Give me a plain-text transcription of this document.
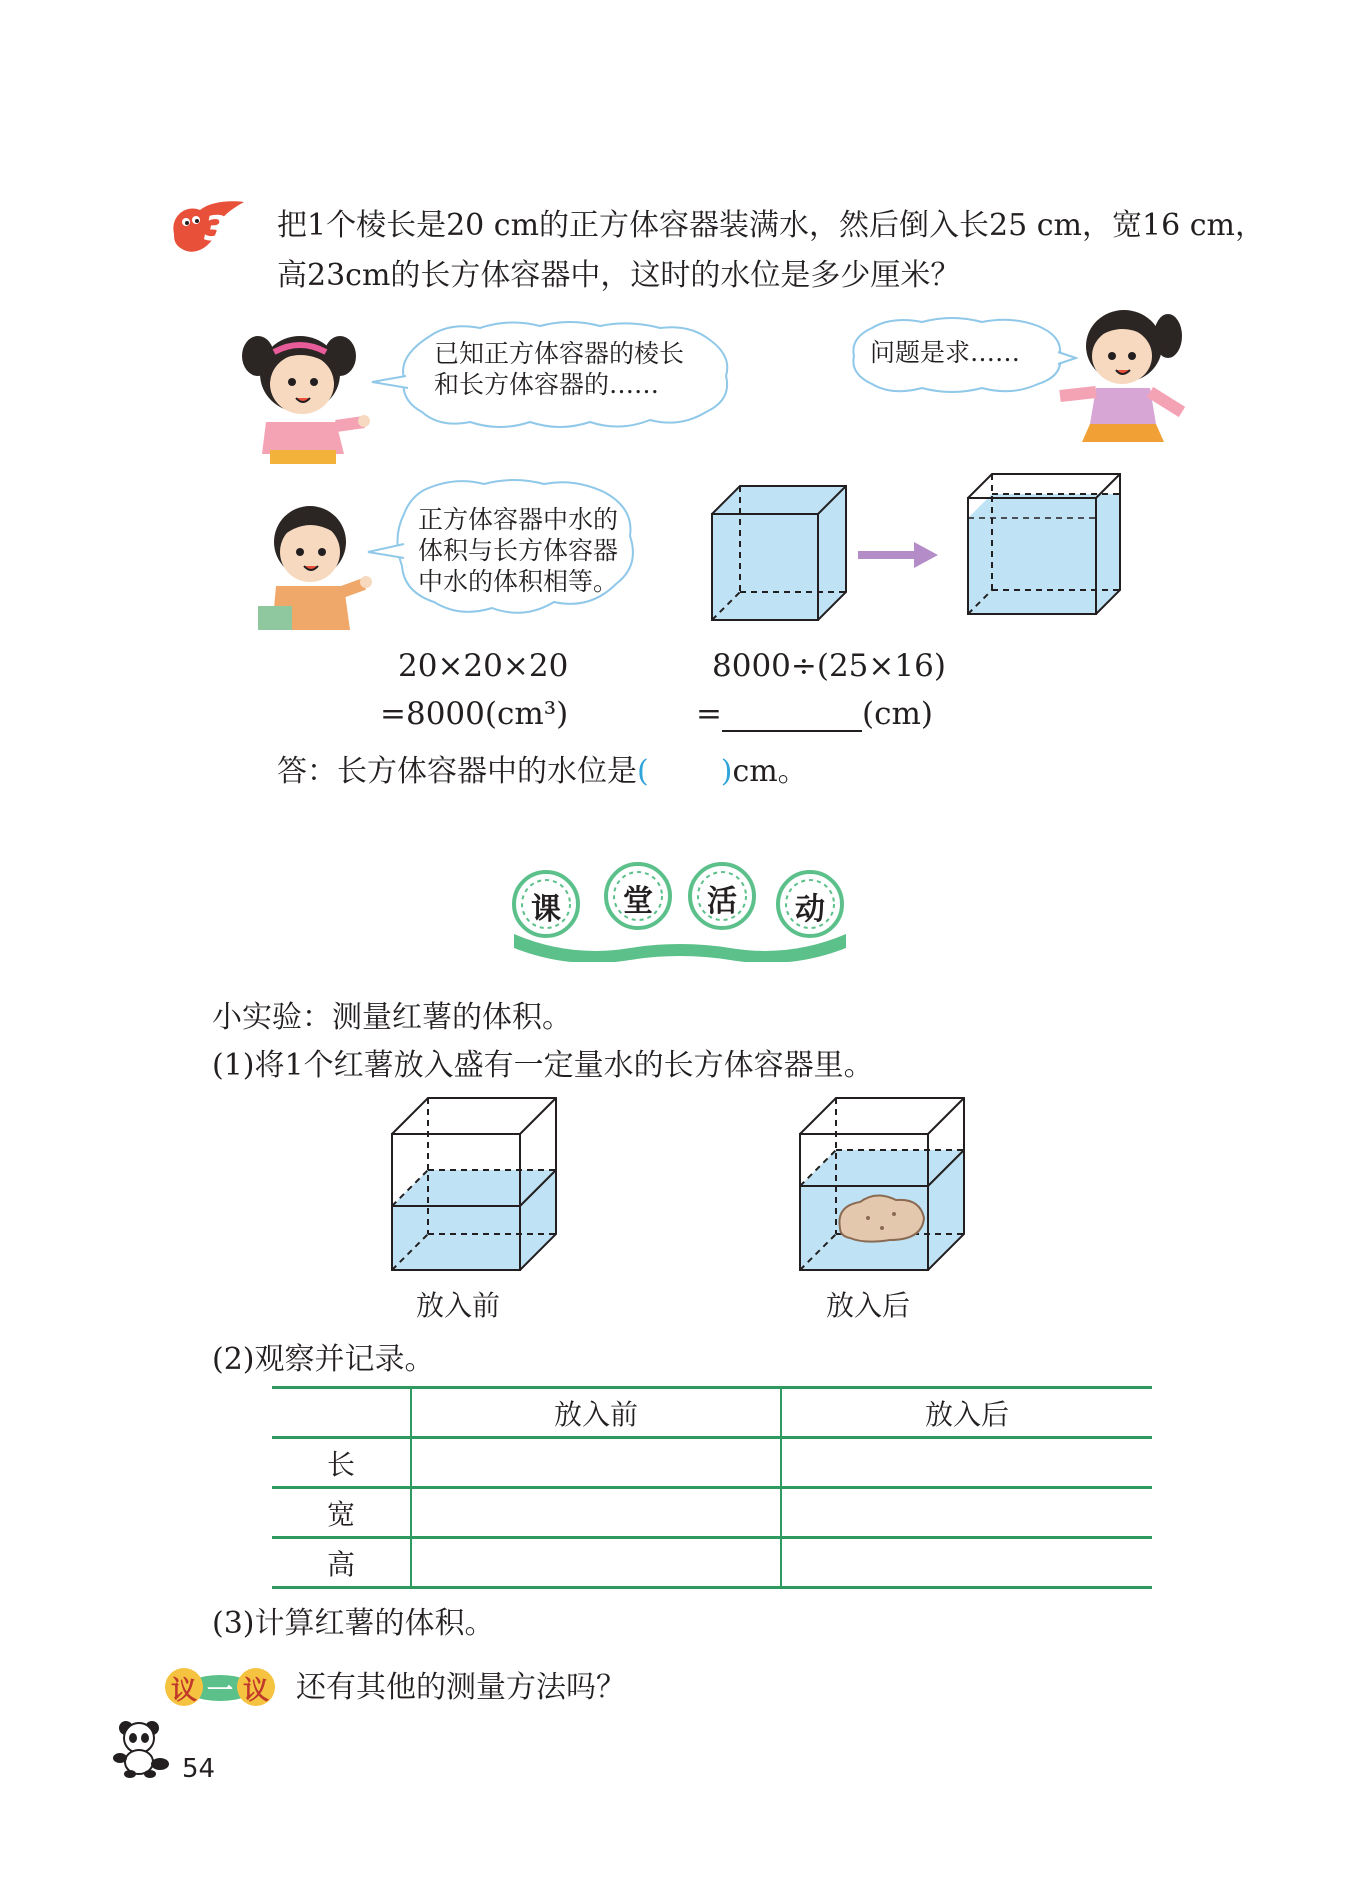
3 把1个棱长是20 cm的正方体容器装满水，然后倒入长25 cm，宽16 cm，
高23cm的长方体容器中，这时的水位是多少厘米？
已知正方体容器的棱长
和长方体容器的……
问题是求……
正方体容器中水的
体积与长方体容器
中水的体积相等。
20×20×20
=8000(cm³)
8000÷(25×16)
=	(cm)
答：长方体容器中的水位是( )cm。
课 堂 活 动
小实验：测量红薯的体积。
(1)将1个红薯放入盛有一定量水的长方体容器里。
放入前	放入后
(2)观察并记录。
	放入前	放入后
长		
宽		
高		
(3)计算红薯的体积。
议 一 议 还有其他的测量方法吗？
54
